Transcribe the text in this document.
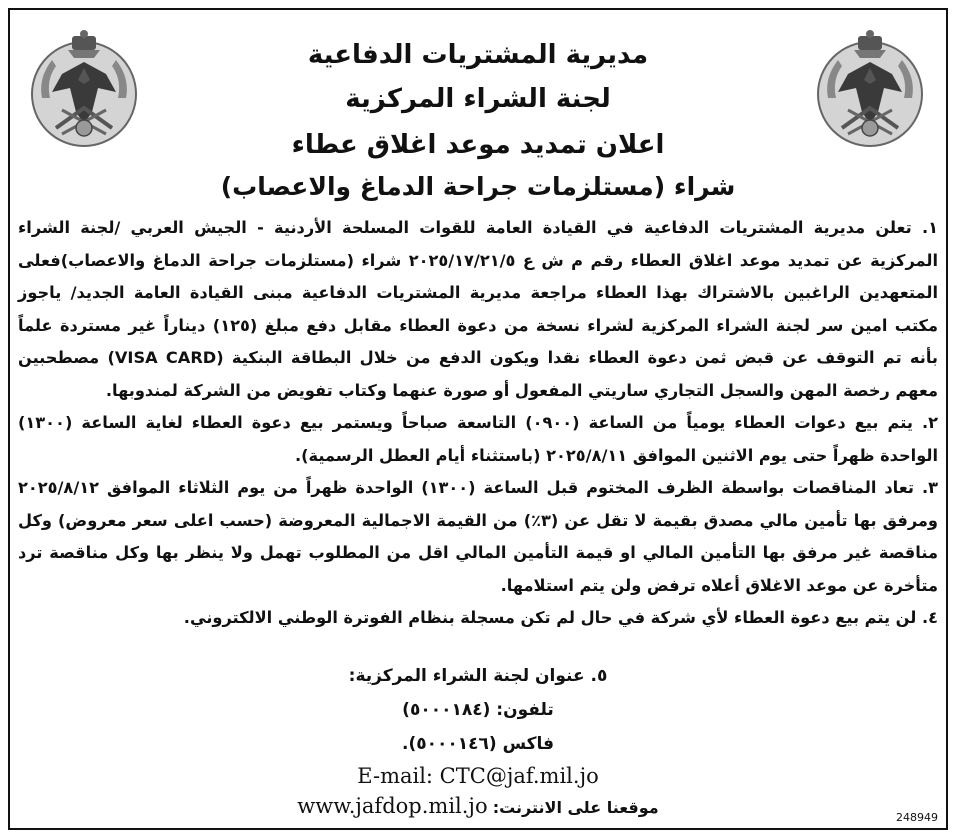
مديرية المشتريات الدفاعية
لجنة الشراء المركزية
اعلان تمديد موعد اغلاق عطاء
شراء (مستلزمات جراحة الدماغ والاعصاب)

١. تعلن مديرية المشتريات الدفاعية في القيادة العامة للقوات المسلحة الأردنية - الجيش العربي /لجنة الشراء المركزية عن تمديد موعد اغلاق العطاء رقم م ش ع ٢٠٢٥/١٧/٢١/٥ شراء (مستلزمات جراحة الدماغ والاعصاب)فعلى المتعهدين الراغبين بالاشتراك بهذا العطاء مراجعة مديرية المشتريات الدفاعية مبنى القيادة العامة الجديد/ ياجوز مكتب امين سر لجنة الشراء المركزية لشراء نسخة من دعوة العطاء مقابل دفع مبلغ (١٢٥) ديناراً غير مستردة علماً بأنه تم التوقف عن قبض ثمن دعوة العطاء نقدا ويكون الدفع من خلال البطاقة البنكية (VISA CARD) مصطحبين معهم رخصة المهن والسجل التجاري ساريتي المفعول أو صورة عنهما وكتاب تفويض من الشركة لمندوبها.

٢. يتم بيع دعوات العطاء يومياً من الساعة (٠٩٠٠) التاسعة صباحاً ويستمر بيع دعوة العطاء لغاية الساعة (١٣٠٠) الواحدة ظهراً حتى يوم الاثنين الموافق ٢٠٢٥/٨/١١ (باستثناء أيام العطل الرسمية).

٣. تعاد المناقصات بواسطة الظرف المختوم قبل الساعة (١٣٠٠) الواحدة ظهراً من يوم الثلاثاء الموافق ٢٠٢٥/٨/١٢ ومرفق بها تأمين مالي مصدق بقيمة لا تقل عن (٣٪) من القيمة الاجمالية المعروضة (حسب اعلى سعر معروض) وكل مناقصة غير مرفق بها التأمين المالي او قيمة التأمين المالي اقل من المطلوب تهمل ولا ينظر بها وكل مناقصة ترد متأخرة عن موعد الاغلاق أعلاه ترفض ولن يتم استلامها.

٤. لن يتم بيع دعوة العطاء لأي شركة في حال لم تكن مسجلة بنظام الفوترة الوطني الالكتروني.

٥. عنوان لجنة الشراء المركزية:
تلفون: (٥٠٠٠١٨٤)
فاكس (٥٠٠٠١٤٦).
E-mail: CTC@jaf.mil.jo
موقعنا على الانترنت: www.jafdop.mil.jo	248949
